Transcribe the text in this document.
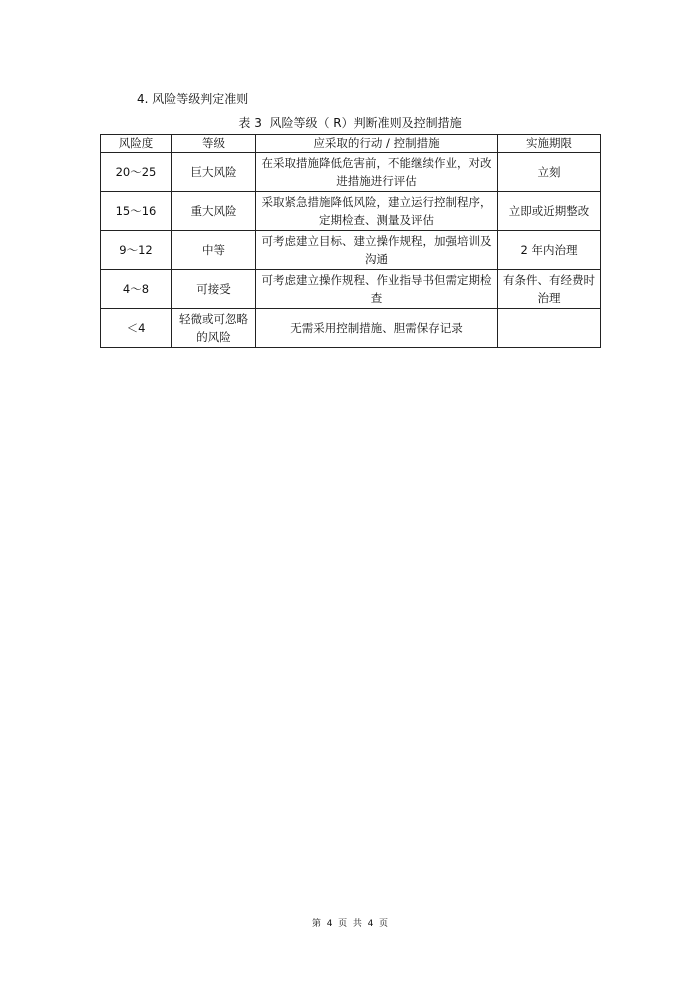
4. 风险等级判定准则
表 3  风险等级（ R）判断准则及控制措施
风险度	等级	应采取的行动 / 控制措施	实施期限
20～25	巨大风险	在采取措施降低危害前，不能继续作业，对改进措施进行评估	立刻
15～16	重大风险	采取紧急措施降低风险，建立运行控制程序，定期检查、测量及评估	立即或近期整改
9～12	中等	可考虑建立目标、建立操作规程，加强培训及沟通	2 年内治理
4～8	可接受	可考虑建立操作规程、作业指导书但需定期检查	有条件、有经费时治理
＜4	轻微或可忽略的风险	无需采用控制措施、胆需保存记录	
第  4  页  共  4  页
